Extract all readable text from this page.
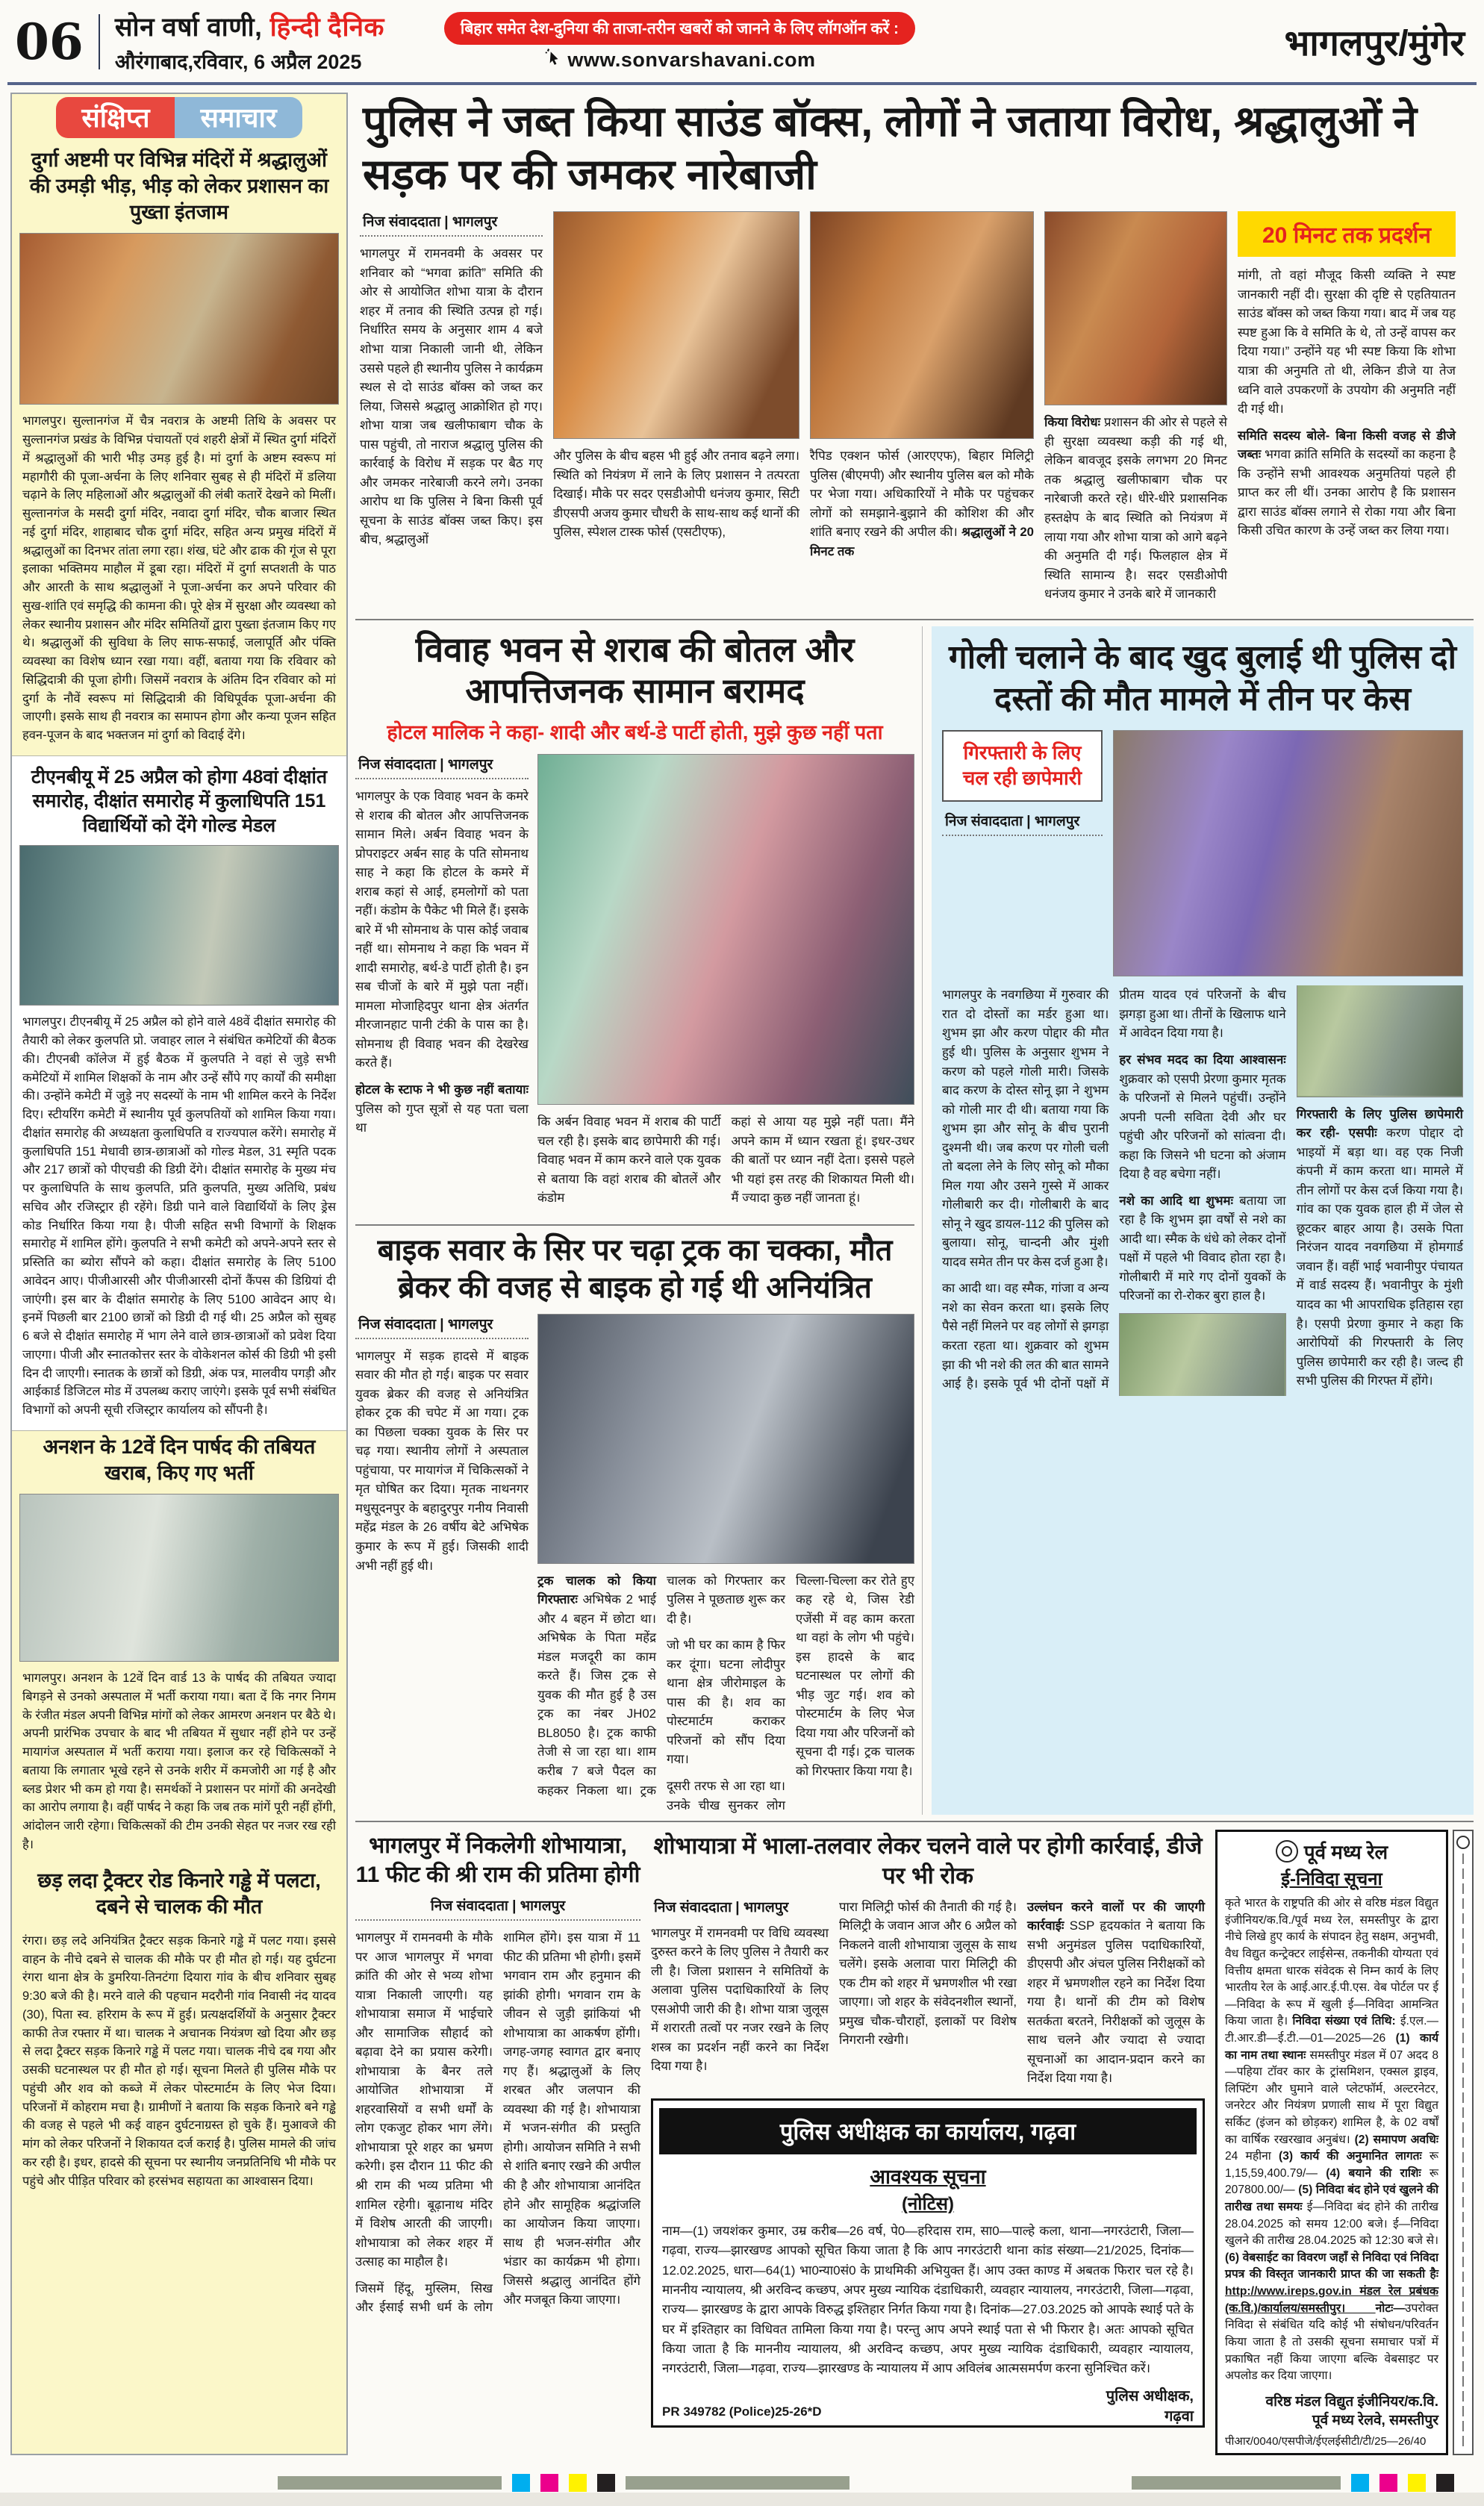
06 सोन वर्षा वाणी, हिन्दी दैनिक
औरंगाबाद,रविवार, 6 अप्रैल 2025
बिहार समेत देश-दुनिया की ताजा-तरीन खबरों को जानने के लिए लॉगऑन करें :
www.sonvarshavani.com	भागलपुर/मुंगेर
संक्षिप्त	समाचार
दुर्गा अष्टमी पर विभिन्न मंदिरों में श्रद्धालुओं की उमड़ी भीड़, भीड़ को लेकर प्रशासन का पुख्ता इंतजाम

भागलपुर। सुल्तानगंज में चैत्र नवरात्र के अष्टमी तिथि के अवसर पर सुल्तानगंज प्रखंड के विभिन्न पंचायतों एवं शहरी क्षेत्रों में स्थित दुर्गा मंदिरों में श्रद्धालुओं की भारी भीड़ उमड़ हुई है। मां दुर्गा के अष्टम स्वरूप मां महागौरी की पूजा-अर्चना के लिए शनिवार सुबह से ही मंदिरों में डलिया चढ़ाने के लिए महिलाओं और श्रद्धालुओं की लंबी कतारें देखने को मिलीं। सुल्तानगंज के मसदी दुर्गा मंदिर, नवादा दुर्गा मंदिर, चौक बाजार स्थित नई दुर्गा मंदिर, शाहाबाद चौक दुर्गा मंदिर, सहित अन्य प्रमुख मंदिरों में श्रद्धालुओं का दिनभर तांता लगा रहा। शंख, घंटे और ढाक की गूंज से पूरा इलाका भक्तिमय माहौल में डूबा रहा। मंदिरों में दुर्गा सप्तशती के पाठ और आरती के साथ श्रद्धालुओं ने पूजा-अर्चना कर अपने परिवार की सुख-शांति एवं समृद्धि की कामना की। पूरे क्षेत्र में सुरक्षा और व्यवस्था को लेकर स्थानीय प्रशासन और मंदिर समितियों द्वारा पुख्ता इंतजाम किए गए थे। श्रद्धालुओं की सुविधा के लिए साफ-सफाई, जलापूर्ति और पंक्ति व्यवस्था का विशेष ध्यान रखा गया। वहीं, बताया गया कि रविवार को सिद्धिदात्री की पूजा होगी। जिसमें नवरात्र के अंतिम दिन रविवार को मां दुर्गा के नौवें स्वरूप मां सिद्धिदात्री की विधिपूर्वक पूजा-अर्चना की जाएगी। इसके साथ ही नवरात्र का समापन होगा और कन्या पूजन सहित हवन-पूजन के बाद भक्तजन मां दुर्गा को विदाई देंगे।

टीएनबीयू में 25 अप्रैल को होगा 48वां दीक्षांत समारोह, दीक्षांत समारोह में कुलाधिपति 151 विद्यार्थियों को देंगे गोल्ड मेडल

भागलपुर। टीएनबीयू में 25 अप्रैल को होने वाले 48वें दीक्षांत समारोह की तैयारी को लेकर कुलपति प्रो. जवाहर लाल ने संबंधित कमेटियों की बैठक की। टीएनबी कॉलेज में हुई बैठक में कुलपति ने वहां से जुड़े सभी कमेटियों में शामिल शिक्षकों के नाम और उन्हें सौंपे गए कार्यों की समीक्षा की। उन्होंने कमेटी में जुड़े नए सदस्यों के नाम भी शामिल करने के निर्देश दिए। स्टीयरिंग कमेटी में स्थानीय पूर्व कुलपतियों को शामिल किया गया। दीक्षांत समारोह की अध्यक्षता कुलाधिपति व राज्यपाल करेंगे। समारोह में कुलाधिपति 151 मेधावी छात्र-छात्राओं को गोल्ड मेडल, 31 स्मृति पदक और 217 छात्रों को पीएचडी की डिग्री देंगे। दीक्षांत समारोह के मुख्य मंच पर कुलाधिपति के साथ कुलपति, प्रति कुलपति, मुख्य अतिथि, प्रबंध सचिव और रजिस्ट्रार ही रहेंगे। डिग्री पाने वाले विद्यार्थियों के लिए ड्रेस कोड निर्धारित किया गया है। पीजी सहित सभी विभागों के शिक्षक समारोह में शामिल होंगे। कुलपति ने सभी कमेटी को अपने-अपने स्तर से प्रस्तिति का ब्योरा सौंपने को कहा। दीक्षांत समारोह के लिए 5100 आवेदन आए। पीजीआरसी और पीजीआरसी दोनों कैंपस की डिग्रियां दी जाएंगी। इस बार के दीक्षांत समारोह के लिए 5100 आवेदन आए थे। इनमें पिछली बार 2100 छात्रों को डिग्री दी गई थी। 25 अप्रैल को सुबह 6 बजे से दीक्षांत समारोह में भाग लेने वाले छात्र-छात्राओं को प्रवेश दिया जाएगा। पीजी और स्नातकोत्तर स्तर के वोकेशनल कोर्स की डिग्री भी इसी दिन दी जाएगी। स्नातक के छात्रों को डिग्री, अंक पत्र, मालवीय पगड़ी और आईकार्ड डिजिटल मोड में उपलब्ध कराए जाएंगे। इसके पूर्व सभी संबंधित विभागों को अपनी सूची रजिस्ट्रार कार्यालय को सौंपनी है।

अनशन के 12वें दिन पार्षद की तबियत खराब, किए गए भर्ती

भागलपुर। अनशन के 12वें दिन वार्ड 13 के पार्षद की तबियत ज्यादा बिगड़ने से उनको अस्पताल में भर्ती कराया गया। बता दें कि नगर निगम के रंजीत मंडल अपनी विभिन्न मांगों को लेकर आमरण अनशन पर बैठे थे। अपनी प्रारंभिक उपचार के बाद भी तबियत में सुधार नहीं होने पर उन्हें मायागंज अस्पताल में भर्ती कराया गया। इलाज कर रहे चिकित्सकों ने बताया कि लगातार भूखे रहने से उनके शरीर में कमजोरी आ गई है और ब्लड प्रेशर भी कम हो गया है। समर्थकों ने प्रशासन पर मांगों की अनदेखी का आरोप लगाया है। वहीं पार्षद ने कहा कि जब तक मांगें पूरी नहीं होंगी, आंदोलन जारी रहेगा। चिकित्सकों की टीम उनकी सेहत पर नजर रख रही है।

छड़ लदा ट्रैक्टर रोड किनारे गड्ढे में पलटा, दबने से चालक की मौत

रंगरा। छड़ लदे अनियंत्रित ट्रैक्टर सड़क किनारे गड्ढे में पलट गया। इससे वाहन के नीचे दबने से चालक की मौके पर ही मौत हो गई। यह दुर्घटना रंगरा थाना क्षेत्र के डुमरिया-तिनटंगा दियारा गांव के बीच शनिवार सुबह 9:30 बजे की है। मरने वाले की पहचान मदरौनी गांव निवासी नंद यादव (30), पिता स्व. हरिराम के रूप में हुई। प्रत्यक्षदर्शियों के अनुसार ट्रैक्टर काफी तेज रफ्तार में था। चालक ने अचानक नियंत्रण खो दिया और छड़ से लदा ट्रैक्टर सड़क किनारे गड्ढे में पलट गया। चालक नीचे दब गया और उसकी घटनास्थल पर ही मौत हो गई। सूचना मिलते ही पुलिस मौके पर पहुंची और शव को कब्जे में लेकर पोस्टमार्टम के लिए भेज दिया। परिजनों में कोहराम मचा है। ग्रामीणों ने बताया कि सड़क किनारे बने गड्ढे की वजह से पहले भी कई वाहन दुर्घटनाग्रस्त हो चुके हैं। मुआवजे की मांग को लेकर परिजनों ने शिकायत दर्ज कराई है। पुलिस मामले की जांच कर रही है। इधर, हादसे की सूचना पर स्थानीय जनप्रतिनिधि भी मौके पर पहुंचे और पीड़ित परिवार को हरसंभव सहायता का आश्वासन दिया।

पुलिस ने जब्त किया साउंड बॉक्स, लोगों ने जताया विरोध, श्रद्धालुओं ने सड़क पर की जमकर नारेबाजी
निज संवाददाता | भागलपुर

भागलपुर में रामनवमी के अवसर पर शनिवार को “भगवा क्रांति” समिति की ओर से आयोजित शोभा यात्रा के दौरान शहर में तनाव की स्थिति उत्पन्न हो गई। निर्धारित समय के अनुसार शाम 4 बजे शोभा यात्रा निकाली जानी थी, लेकिन उससे पहले ही स्थानीय पुलिस ने कार्यक्रम स्थल से दो साउंड बॉक्स को जब्त कर लिया, जिससे श्रद्धालु आक्रोशित हो गए। शोभा यात्रा जब खलीफाबाग चौक के पास पहुंची, तो नाराज श्रद्धालु पुलिस की कार्रवाई के विरोध में सड़क पर बैठ गए और जमकर नारेबाजी करने लगे। उनका आरोप था कि पुलिस ने बिना किसी पूर्व सूचना के साउंड बॉक्स जब्त किए। इस बीच, श्रद्धालुओं

और पुलिस के बीच बहस भी हुई और तनाव बढ़ने लगा। स्थिति को नियंत्रण में लाने के लिए प्रशासन ने तत्परता दिखाई। मौके पर सदर एसडीओपी धनंजय कुमार, सिटी डीएसपी अजय कुमार चौधरी के साथ-साथ कई थानों की पुलिस, स्पेशल टास्क फोर्स (एसटीएफ),

रैपिड एक्शन फोर्स (आरएएफ), बिहार मिलिट्री पुलिस (बीएमपी) और स्थानीय पुलिस बल को मौके पर भेजा गया। अधिकारियों ने मौके पर पहुंचकर लोगों को समझाने-बुझाने की कोशिश की और शांति बनाए रखने की अपील की। श्रद्धालुओं ने 20 मिनट तक

किया विरोधः प्रशासन की ओर से पहले से ही सुरक्षा व्यवस्था कड़ी की गई थी, लेकिन बावजूद इसके लगभग 20 मिनट तक श्रद्धालु खलीफाबाग चौक पर नारेबाजी करते रहे। धीरे-धीरे प्रशासनिक हस्तक्षेप के बाद स्थिति को नियंत्रण में लाया गया और शोभा यात्रा को आगे बढ़ने की अनुमति दी गई। फिलहाल क्षेत्र में स्थिति सामान्य है। सदर एसडीओपी धनंजय कुमार ने उनके बारे में जानकारी

20 मिनट तक प्रदर्शन

मांगी, तो वहां मौजूद किसी व्यक्ति ने स्पष्ट जानकारी नहीं दी। सुरक्षा की दृष्टि से एहतियातन साउंड बॉक्स को जब्त किया गया। बाद में जब यह स्पष्ट हुआ कि वे समिति के थे, तो उन्हें वापस कर दिया गया।” उन्होंने यह भी स्पष्ट किया कि शोभा यात्रा की अनुमति तो थी, लेकिन डीजे या तेज ध्वनि वाले उपकरणों के उपयोग की अनुमति नहीं दी गई थी।

समिति सदस्य बोले- बिना किसी वजह से डीजे जब्तः भगवा क्रांति समिति के सदस्यों का कहना है कि उन्होंने सभी आवश्यक अनुमतियां पहले ही प्राप्त कर ली थीं। उनका आरोप है कि प्रशासन द्वारा साउंड बॉक्स लगाने से रोका गया और बिना किसी उचित कारण के उन्हें जब्त कर लिया गया।

विवाह भवन से शराब की बोतल और आपत्तिजनक सामान बरामद
होटल मालिक ने कहा- शादी और बर्थ-डे पार्टी होती, मुझे कुछ नहीं पता
निज संवाददाता | भागलपुर

भागलपुर के एक विवाह भवन के कमरे से शराब की बोतल और आपत्तिजनक सामान मिले। अर्बन विवाह भवन के प्रोपराइटर अर्बन साह के पति सोमनाथ साह ने कहा कि होटल के कमरे में शराब कहां से आई, हमलोगों को पता नहीं। कंडोम के पैकेट भी मिले हैं। इसके बारे में भी सोमनाथ के पास कोई जवाब नहीं था। सोमनाथ ने कहा कि भवन में शादी समारोह, बर्थ-डे पार्टी होती है। इन सब चीजों के बारे में मुझे पता नहीं। मामला मोजाहिदपुर थाना क्षेत्र अंतर्गत मीरजानहाट पानी टंकी के पास का है। सोमनाथ ही विवाह भवन की देखरेख करते हैं।

होटल के स्टाफ ने भी कुछ नहीं बतायाः पुलिस को गुप्त सूत्रों से यह पता चला था	कि अर्बन विवाह भवन में शराब की पार्टी चल रही है। इसके बाद छापेमारी की गई। विवाह भवन में काम करने वाले एक युवक से बताया कि वहां शराब की बोतलें और कंडोम

कहां से आया यह मुझे नहीं पता। मैंने अपने काम में ध्यान रखता हूं। इधर-उधर की बातों पर ध्यान नहीं देता। इससे पहले भी यहां इस तरह की शिकायत मिली थी। मैं ज्यादा कुछ नहीं जानता हूं।

बाइक सवार के सिर पर चढ़ा ट्रक का चक्का, मौत ब्रेकर की वजह से बाइक हो गई थी अनियंत्रित
निज संवाददाता | भागलपुर

भागलपुर में सड़क हादसे में बाइक सवार की मौत हो गई। बाइक पर सवार युवक ब्रेकर की वजह से अनियंत्रित होकर ट्रक की चपेट में आ गया। ट्रक का पिछला चक्का युवक के सिर पर चढ़ गया। स्थानीय लोगों ने अस्पताल पहुंचाया, पर मायागंज में चिकित्सकों ने मृत घोषित कर दिया। मृतक नाथनगर मधुसूदनपुर के बहादुरपुर गनीय निवासी महेंद्र मंडल के 26 वर्षीय बेटे अभिषेक कुमार के रूप में हुई। जिसकी शादी अभी नहीं हुई थी।

ट्रक चालक को किया गिरफ्तारः अभिषेक 2 भाई और 4 बहन में छोटा था। अभिषेक के पिता महेंद्र मंडल मजदूरी का काम करते हैं। जिस ट्रक से युवक की मौत हुई है उस ट्रक का नंबर JH02 BL8050 है। ट्रक काफी तेजी से जा रहा था। शाम करीब 7 बजे पैदल का कहकर निकला था। ट्रक चालक को गिरफ्तार कर पुलिस ने पूछताछ शुरू कर दी है।

जो भी घर का काम है फिर कर दूंगा। घटना लोदीपुर थाना क्षेत्र जीरोमाइल के पास की है। शव का पोस्टमार्टम कराकर परिजनों को सौंप दिया गया।

दूसरी तरफ से आ रहा था। उनके चीख सुनकर लोग चिल्ला-चिल्ला कर रोते हुए कह रहे थे, जिस रेडी एजेंसी में वह काम करता था वहां के लोग भी पहुंचे। इस हादसे के बाद घटनास्थल पर लोगों की भीड़ जुट गई। शव को पोस्टमार्टम के लिए भेज दिया गया और परिजनों को सूचना दी गई। ट्रक चालक को गिरफ्तार किया गया है।

गोली चलाने के बाद खुद बुलाई थी पुलिस दो दस्तों की मौत मामले में तीन पर केस
गिरफ्तारी के लिए चल रही छापेमारी
निज संवाददाता | भागलपुर

भागलपुर के नवगछिया में गुरुवार की रात दो दोस्तों का मर्डर हुआ था। शुभम झा और करण पोद्दार की मौत हुई थी। पुलिस के अनुसार शुभम ने करण को पहले गोली मारी। जिसके बाद करण के दोस्त सोनू झा ने शुभम को गोली मार दी थी। बताया गया कि शुभम झा और सोनू के बीच पुरानी दुश्मनी थी। जब करण पर गोली चली तो बदला लेने के लिए सोनू को मौका मिल गया और उसने गुस्से में आकर गोलीबारी कर दी। गोलीबारी के बाद सोनू ने खुद डायल-112 की पुलिस को बुलाया। सोनू, चान्दनी और मुंशी यादव समेत तीन पर केस दर्ज हुआ है।

का आदी था। वह स्मैक, गांजा व अन्य नशे का सेवन करता था। इसके लिए पैसे नहीं मिलने पर वह लोगों से झगड़ा करता रहता था। शुक्रवार को शुभम झा की भी नशे की लत की बात सामने आई है। इसके पूर्व भी दोनों पक्षों में प्रीतम यादव एवं परिजनों के बीच झगड़ा हुआ था। तीनों के खिलाफ थाने में आवेदन दिया गया है।

हर संभव मदद का दिया आश्वासनः शुक्रवार को एसपी प्रेरणा कुमार मृतक के परिजनों से मिलने पहुंचीं। उन्होंने अपनी पत्नी सविता देवी और घर पहुंची और परिजनों को सांत्वना दी। कहा कि जिसने भी घटना को अंजाम दिया है वह बचेगा नहीं।

नशे का आदि था शुभमः बताया जा रहा है कि शुभम झा वर्षों से नशे का आदी था। स्मैक के धंधे को लेकर दोनों पक्षों में पहले भी विवाद होता रहा है। गोलीबारी में मारे गए दोनों युवकों के परिजनों का रो-रोकर बुरा हाल है।

गिरफ्तारी के लिए पुलिस छापेमारी कर रही- एसपीः करण पोद्दार दो भाइयों में बड़ा था। वह एक निजी कंपनी में काम करता था। मामले में तीन लोगों पर केस दर्ज किया गया है। गांव का एक युवक हाल ही में जेल से छूटकर बाहर आया है। उसके पिता निरंजन यादव नवगछिया में होमगार्ड जवान हैं। वहीं भाई भवानीपुर पंचायत में वार्ड सदस्य हैं। भवानीपुर के मुंशी यादव का भी आपराधिक इतिहास रहा है। एसपी प्रेरणा कुमार ने कहा कि आरोपियों की गिरफ्तारी के लिए पुलिस छापेमारी कर रही है। जल्द ही सभी पुलिस की गिरफ्त में होंगे।

भागलपुर में निकलेगी शोभायात्रा, 11 फीट की श्री राम की प्रतिमा होगी
निज संवाददाता | भागलपुर

भागलपुर में रामनवमी के मौके पर आज भागलपुर में भगवा क्रांति की ओर से भव्य शोभा यात्रा निकाली जाएगी। यह शोभायात्रा समाज में भाईचारे और सामाजिक सौहार्द को बढ़ावा देने का प्रयास करेगी। शोभायात्रा के बैनर तले आयोजित शोभायात्रा में शहरवासियों व सभी धर्मों के लोग एकजुट होकर भाग लेंगे। शोभायात्रा पूरे शहर का भ्रमण करेगी। इस दौरान 11 फीट की श्री राम की भव्य प्रतिमा भी शामिल रहेगी। बूढ़ानाथ मंदिर में विशेष आरती की जाएगी। शोभायात्रा को लेकर शहर में उत्साह का माहौल है।

जिसमें हिंदू, मुस्लिम, सिख और ईसाई सभी धर्म के लोग शामिल होंगे। इस यात्रा में 11 फीट की प्रतिमा भी होगी। इसमें भगवान राम और हनुमान की झांकी होगी। भगवान राम के जीवन से जुड़ी झांकियां भी शोभायात्रा का आकर्षण होंगी। जगह-जगह स्वागत द्वार बनाए गए हैं। श्रद्धालुओं के लिए शरबत और जलपान की व्यवस्था की गई है। शोभायात्रा में भजन-संगीत की प्रस्तुति होगी। आयोजन समिति ने सभी से शांति बनाए रखने की अपील की है और शोभायात्रा आनंदित होने और सामूहिक श्रद्धांजलि का आयोजन किया जाएगा। साथ ही भजन-संगीत और भंडार का कार्यक्रम भी होगा। जिससे श्रद्धालु आनंदित होंगे और मजबूत किया जाएगा।

शोभायात्रा में भाला-तलवार लेकर चलने वाले पर होगी कार्रवाई, डीजे पर भी रोक

निज संवाददाता | भागलपुर
भागलपुर में रामनवमी पर विधि व्यवस्था दुरुस्त करने के लिए पुलिस ने तैयारी कर ली है। जिला प्रशासन ने समितियों के अलावा पुलिस पदाधिकारियों के लिए एसओपी जारी की है। शोभा यात्रा जुलूस में शरारती तत्वों पर नजर रखने के लिए शस्त्र का प्रदर्शन नहीं करने का निर्देश दिया गया है।

पारा मिलिट्री फोर्स की तैनाती की गई है। मिलिट्री के जवान आज और 6 अप्रैल को निकलने वाली शोभायात्रा जुलूस के साथ चलेंगे। इसके अलावा पारा मिलिट्री की एक टीम को शहर में भ्रमणशील भी रखा जाएगा। जो शहर के संवेदनशील स्थानों, प्रमुख चौक-चौराहों, इलाकों पर विशेष निगरानी रखेगी।

उल्लंघन करने वालों पर की जाएगी कार्रवाईः SSP हृदयकांत ने बताया कि सभी अनुमंडल पुलिस पदाधिकारियों, डीएसपी और अंचल पुलिस निरीक्षकों को शहर में भ्रमणशील रहने का निर्देश दिया गया है। थानों की टीम को विशेष सतर्कता बरतने, निरीक्षकों को जुलूस के साथ चलने और ज्यादा से ज्यादा सूचनाओं का आदान-प्रदान करने का निर्देश दिया गया है।

पुलिस अधीक्षक का कार्यालय, गढ़वा
आवश्यक सूचना
(नोटिस)

नाम—(1) जयशंकर कुमार, उम्र करीब—26 वर्ष, पे0—हरिदास राम, सा0—पाल्हे कला, थाना—नगरउंटारी, जिला—गढ़वा, राज्य—झारखण्ड आपको सूचित किया जाता है कि आप नगरउंटारी थाना कांड संख्या—21/2025, दिनांक—12.02.2025, धारा—64(1) भा0न्या0सं0 के प्राथमिकी अभियुक्त हैं। आप उक्त काण्ड में अबतक फिरार चल रहे है। माननीय न्यायालय, श्री अरविन्द कच्छप, अपर मुख्य न्यायिक दंडाधिकारी, व्यवहार न्यायालय, नगरउंटारी, जिला—गढ़वा, राज्य— झारखण्ड के द्वारा आपके विरुद्ध इश्तिहार निर्गत किया गया है। दिनांक—27.03.2025 को आपके स्थाई पते के घर में इश्तिहार का विधिवत तामिला किया गया है। परन्तु आप अपने स्थाई पता से भी फिरार है। अतः आपको सूचित किया जाता है कि माननीय न्यायालय, श्री अरविन्द कच्छप, अपर मुख्य न्यायिक दंडाधिकारी, व्यवहार न्यायालय, नगरउंटारी, जिला—गढ़वा, राज्य—झारखण्ड के न्यायालय में आप अविलंब आत्मसमर्पण करना सुनिश्चित करें।

पुलिस अधीक्षक,
गढ़वा
PR 349782 (Police)25-26*D
पूर्व मध्य रेल
ई-निविदा सूचना

कृते भारत के राष्ट्रपति की ओर से वरिष्ठ मंडल विद्युत इंजीनियर/क.वि./पूर्व मध्य रेल, समस्तीपुर के द्वारा नीचे लिखे हुए कार्य के संपादन हेतु सक्षम, अनुभवी, वैध विद्युत कन्ट्रेक्टर लाईसेन्स, तकनीकी योग्यता एवं वित्तीय क्षमता धारक संवेदक से निम्न कार्य के लिए भारतीय रेल के आई.आर.ई.पी.एस. वेब पोर्टल पर ई—निविदा के रूप में खुली ई—निविदा आमन्त्रित किया जाता है। निविदा संख्या एवं तिथि: ई.एल.—टी.आर.डी—ई.टी.—01—2025—26 (1) कार्य का नाम तथा स्थानः समस्तीपुर मंडल में 07 अदद 8—पहिया टॉवर कार के ट्रांसमिशन, एक्सल ड्राइव, लिफ्टिंग और घुमाने वाले प्लेटफॉर्म, अल्टरनेटर, जनरेटर और नियंत्रण प्रणाली साथ में पूरा विद्युत सर्किट (इंजन को छोड़कर) शामिल है, के 02 वर्षों का वार्षिक रखरखाव अनुबंध। (2) समापण अवधिः 24 महीना (3) कार्य की अनुमानित लागतः रू 1,15,59,400.79/— (4) बयाने की राशिः रू 207800.00/— (5) निविदा बंद होने एवं खुलने की तारीख तथा समयः ई—निविदा बंद होने की तारीख 28.04.2025 को समय 12:00 बजे। ई—निविदा खुलने की तारीख 28.04.2025 को 12:30 बजे से। (6) वेबसाईट का विवरण जहाँ से निविदा एवं निविदा प्रपत्र की विस्तृत जानकारी प्राप्त की जा सकती हैः http://www.ireps.gov.in मंडल रेल प्रबंधक (क.वि.)/कार्यालय/समस्तीपुर। नोटः—उपरोक्त निविदा से संबंधित यदि कोई भी संषोधन/परिवर्तन किया जाता है तो उसकी सूचना समाचार पत्रों में प्रकाषित नहीं किया जाएगा बल्कि वेबसाइट पर अपलोड कर दिया जाएगा।

वरिष्ठ मंडल विद्युत इंजीनियर/क.वि.
पूर्व मध्य रेलवे, समस्तीपुर
पीआर/0040/एसपीजे/ईएलईसीटी/टी/25—26/40
